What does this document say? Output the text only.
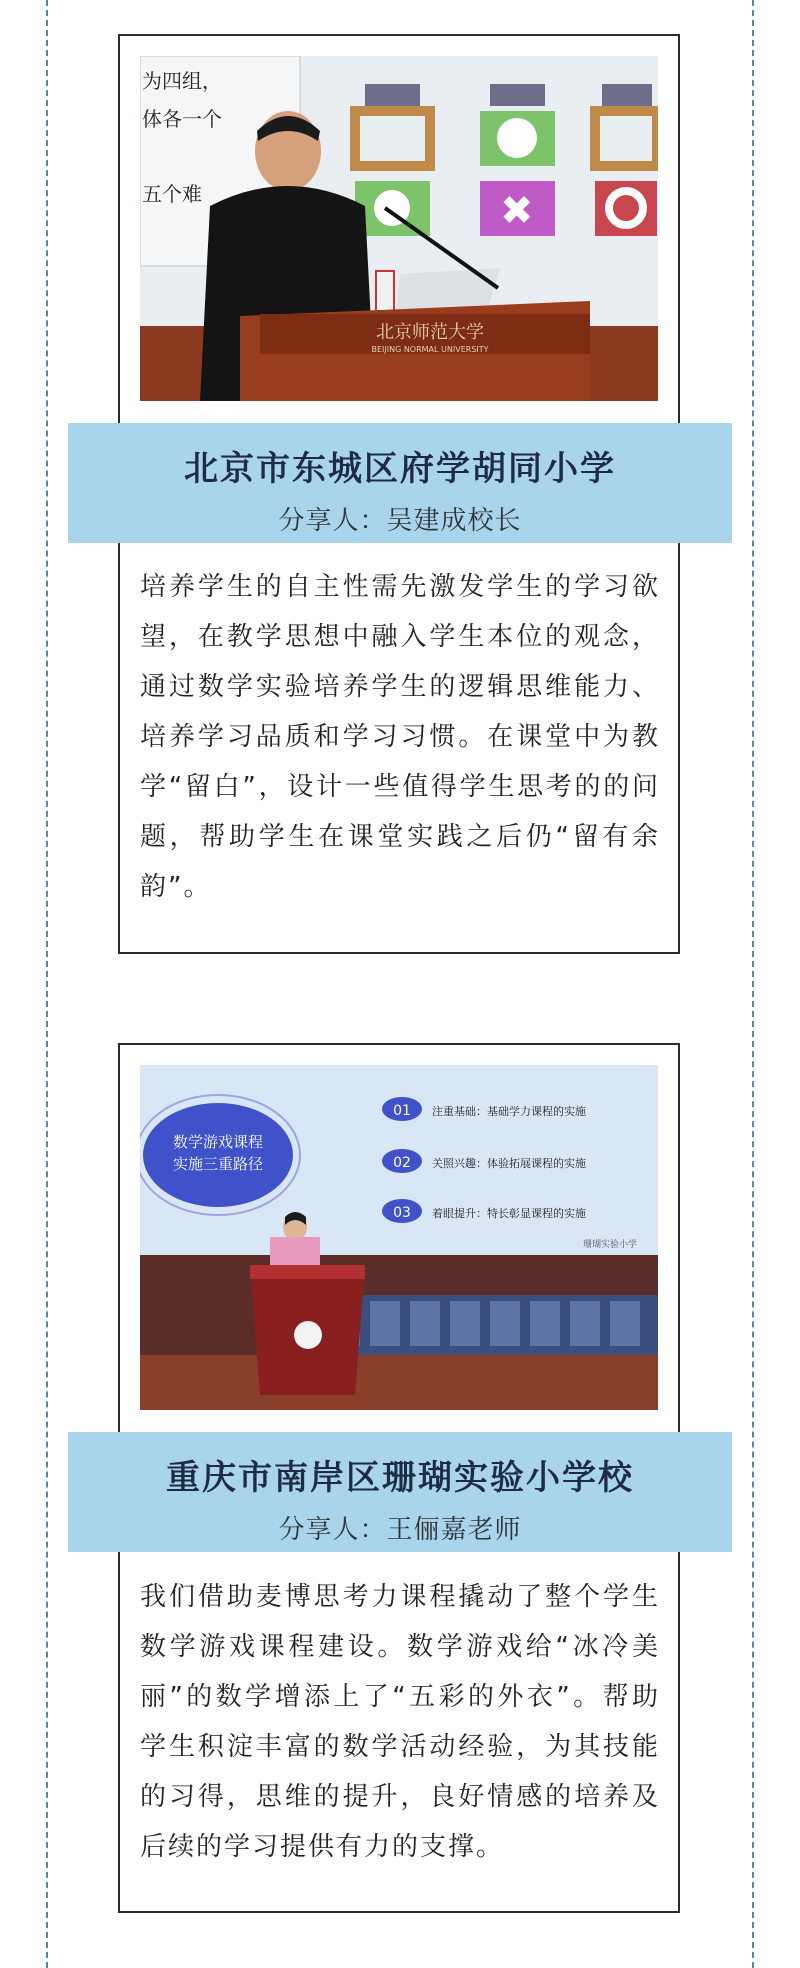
为四组，
体各一个
五个难	✖
北京师范大学
BEIJING NORMAL UNIVERSITY
北京市东城区府学胡同小学
分享人：吴建成校长
培养学生的自主性需先激发学生的学习欲望，在教学思想中融入学生本位的观念，通过数学实验培养学生的逻辑思维能力、培养学习品质和学习习惯。在课堂中为教学“留白”，设计一些值得学生思考的的问题，帮助学生在课堂实践之后仍“留有余韵”。
数学游戏课程
实施三重路径
01 注重基础：基础学力课程的实施
02 关照兴趣：体验拓展课程的实施
03 着眼提升：特长彰显课程的实施
珊瑚实验小学
重庆市南岸区珊瑚实验小学校
分享人：王俪嘉老师
我们借助麦博思考力课程撬动了整个学生数学游戏课程建设。数学游戏给“冰冷美丽”的数学增添上了“五彩的外衣”。帮助学生积淀丰富的数学活动经验，为其技能的习得，思维的提升，良好情感的培养及后续的学习提供有力的支撑。
